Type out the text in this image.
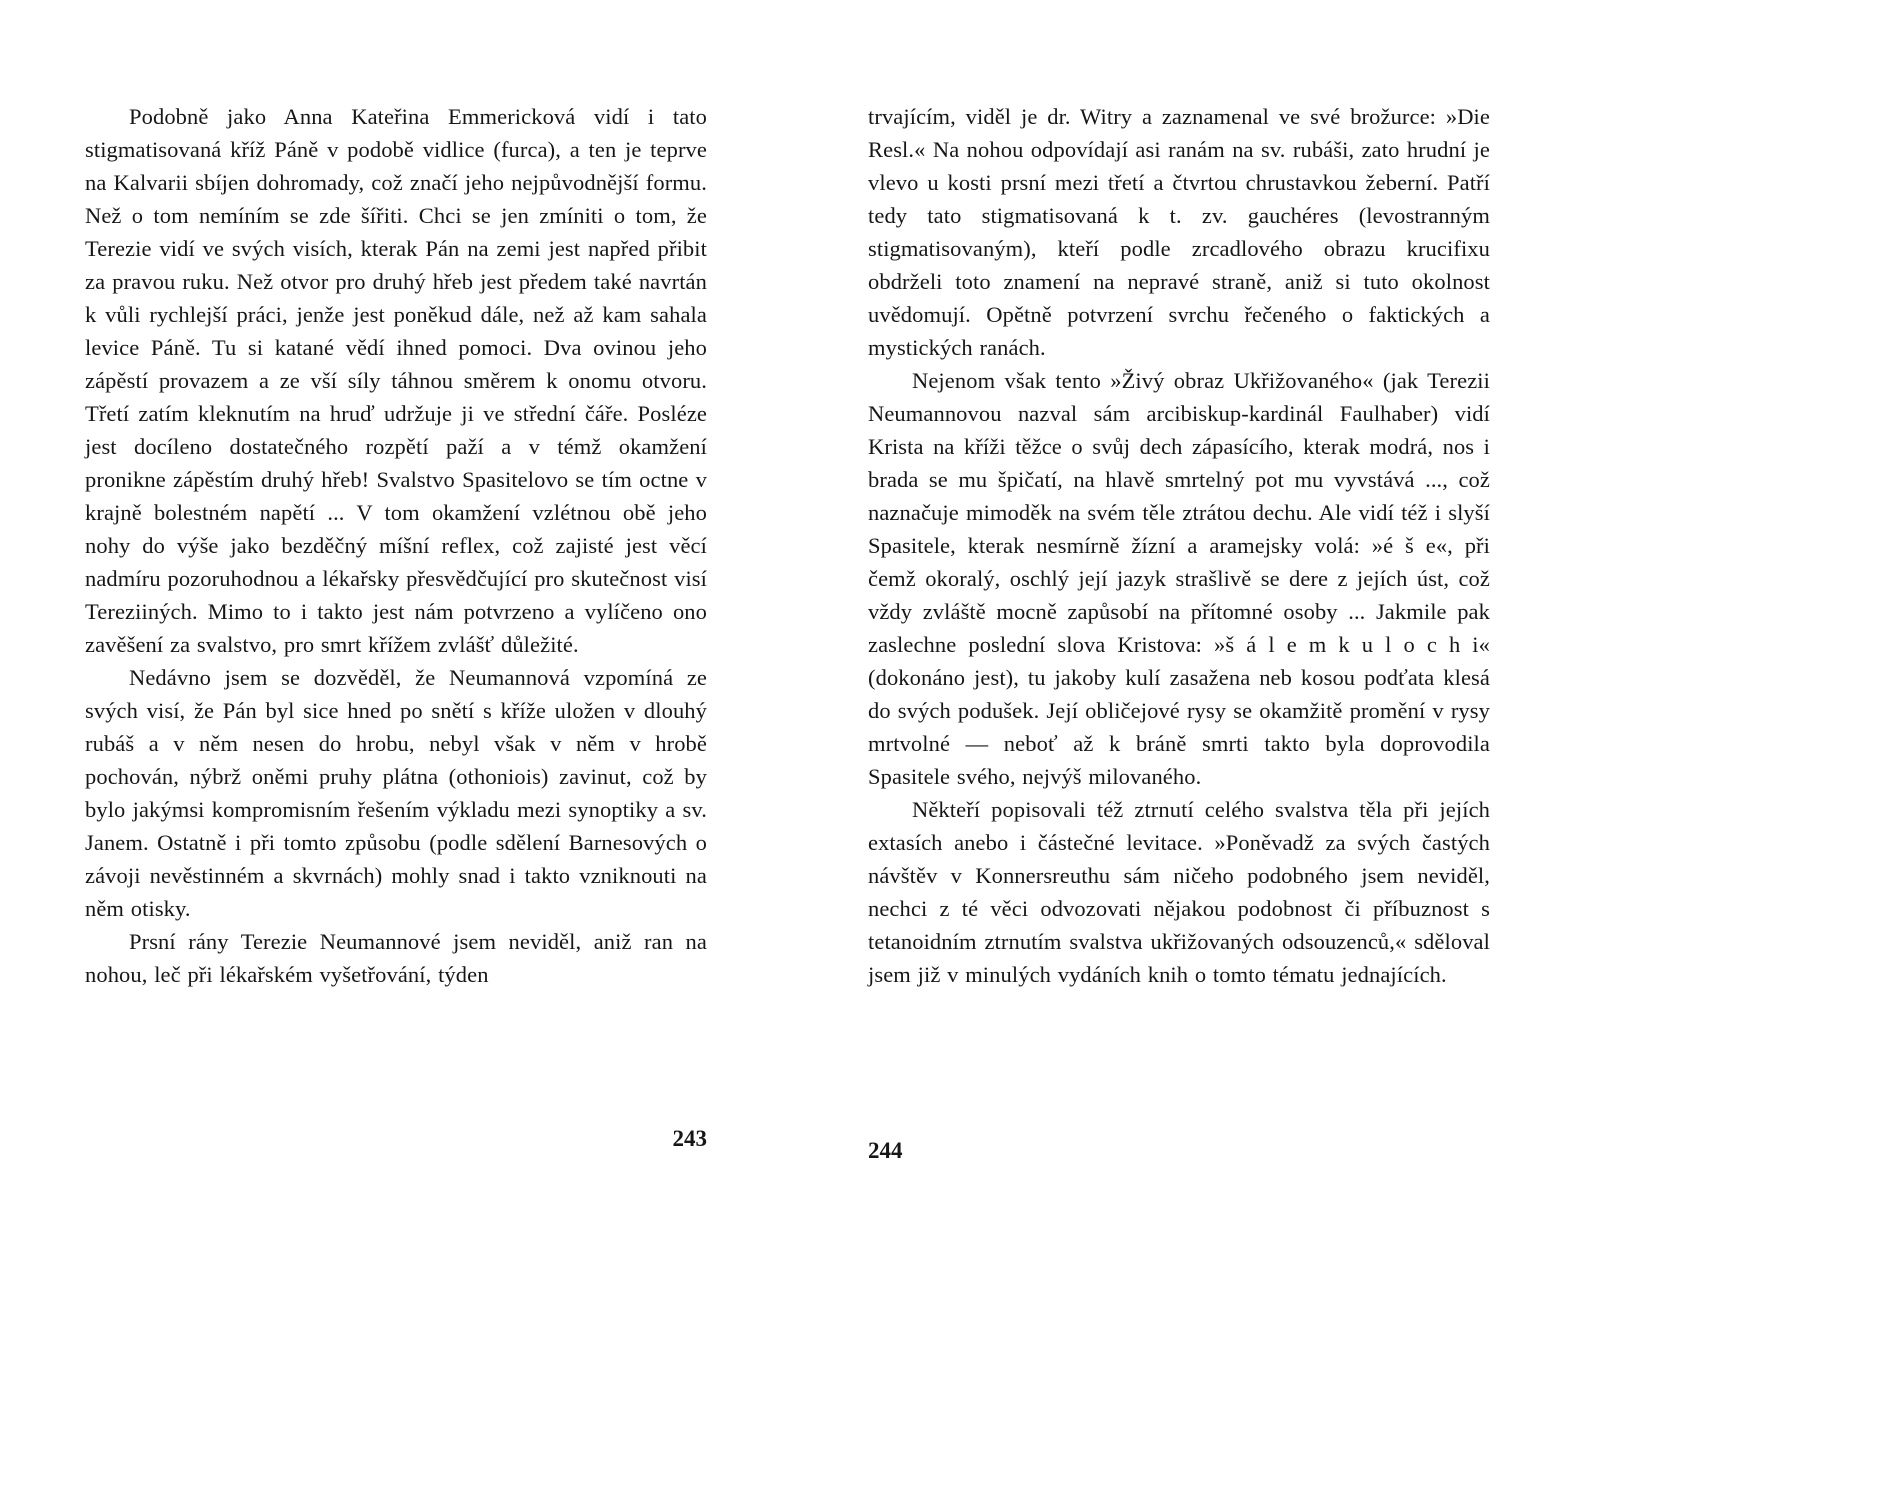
Podobně jako Anna Kateřina Emmericková vidí i tato stigmatisovaná kříž Páně v podobě vidlice (furca), a ten je teprve na Kalvarii sbíjen dohromady, což značí jeho nejpůvodnější formu. Než o tom nemíním se zde šířiti. Chci se jen zmíniti o tom, že Terezie vidí ve svých visích, kterak Pán na zemi jest napřed přibit za pravou ruku. Než otvor pro druhý hřeb jest předem také navrtán k vůli rychlejší práci, jenže jest poněkud dále, než až kam sahala levice Páně. Tu si katané vědí ihned pomoci. Dva ovinou jeho zápěstí provazem a ze vší síly táhnou směrem k onomu otvoru. Třetí zatím kleknutím na hruď udržuje ji ve střední čáře. Posléze jest docíleno dostatečného rozpětí paží a v témž okamžení pronikne zápěstím druhý hřeb! Svalstvo Spasitelovo se tím octne v krajně bolestném napětí ... V tom okamžení vzlétnou obě jeho nohy do výše jako bezděčný míšní reflex, což zajisté jest věcí nadmíru pozoruhodnou a lékařsky přesvědčující pro skutečnost visí Tereziiných. Mimo to i takto jest nám potvrzeno a vylíčeno ono zavěšení za svalstvo, pro smrt křížem zvlášť důležité.

Nedávno jsem se dozvěděl, že Neumannová vzpomíná ze svých visí, že Pán byl sice hned po snětí s kříže uložen v dlouhý rubáš a v něm nesen do hrobu, nebyl však v něm v hrobě pochován, nýbrž oněmi pruhy plátna (othoniois) zavinut, což by bylo jakýmsi kompromisním řešením výkladu mezi synoptiky a sv. Janem. Ostatně i při tomto způsobu (podle sdělení Barnesových o závoji nevěstinném a skvrnách) mohly snad i takto vzniknouti na něm otisky.

Prsní rány Terezie Neumannové jsem neviděl, aniž ran na nohou, leč při lékařském vyšetřování, týden

243

trvajícím, viděl je dr. Witry a zaznamenal ve své brožurce: »Die Resl.« Na nohou odpovídají asi ranám na sv. rubáši, zato hrudní je vlevo u kosti prsní mezi třetí a čtvrtou chrustavkou žeberní. Patří tedy tato stigmatisovaná k t. zv. gauchéres (levostranným stigmatisovaným), kteří podle zrcadlového obrazu krucifixu obdrželi toto znamení na nepravé straně, aniž si tuto okolnost uvědomují. Opětně potvrzení svrchu řečeného o faktických a mystických ranách.

Nejenom však tento »Živý obraz Ukřižovaného« (jak Terezii Neumannovou nazval sám arcibiskup-kardinál Faulhaber) vidí Krista na kříži těžce o svůj dech zápasícího, kterak modrá, nos i brada se mu špičatí, na hlavě smrtelný pot mu vyvstává ..., což naznačuje mimoděk na svém těle ztrátou dechu. Ale vidí též i slyší Spasitele, kterak nesmírně žízní a aramejsky volá: »é š e«, při čemž okoralý, oschlý její jazyk strašlivě se dere z jejích úst, což vždy zvláště mocně zapůsobí na přítomné osoby ... Jakmile pak zaslechne poslední slova Kristova: »š á l e m k u l o c h i« (dokonáno jest), tu jakoby kulí zasažena neb kosou podťata klesá do svých podušek. Její obličejové rysy se okamžitě promění v rysy mrtvolné — neboť až k bráně smrti takto byla doprovodila Spasitele svého, nejvýš milovaného.

Někteří popisovali též ztrnutí celého svalstva těla při jejích extasích anebo i částečné levitace. »Poněvadž za svých častých návštěv v Konnersreuthu sám ničeho podobného jsem neviděl, nechci z té věci odvozovati nějakou podobnost či příbuznost s tetanoidním ztrnutím svalstva ukřižovaných odsouzenců,« sděloval jsem již v minulých vydáních knih o tomto tématu jednajících.

244
